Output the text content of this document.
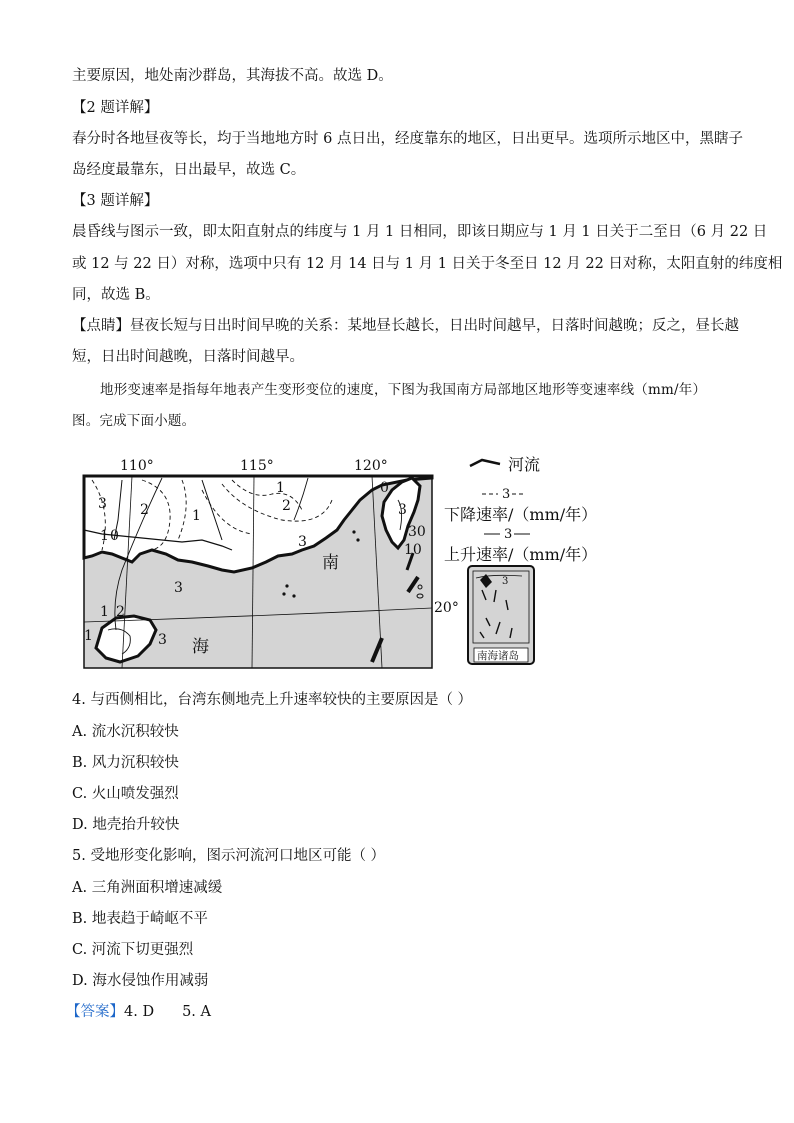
主要原因，地处南沙群岛，其海拔不高。故选 D。
【2 题详解】
春分时各地昼夜等长，均于当地地方时 6 点日出，经度靠东的地区，日出更早。选项所示地区中，黑瞎子
岛经度最靠东，日出最早，故选 C。
【3 题详解】
晨昏线与图示一致，即太阳直射点的纬度与 1 月 1 日相同，即该日期应与 1 月 1 日关于二至日（6 月 22 日
或 12 与 22 日）对称，选项中只有 12 月 14 日与 1 月 1 日关于冬至日 12 月 22 日对称，太阳直射的纬度相
同，故选 B。
【点睛】昼夜长短与日出时间早晚的关系：某地昼长越长，日出时间越早，日落时间越晚；反之，昼长越
短，日出时间越晚，日落时间越早。
地形变速率是指每年地表产生变形变位的速度，下图为我国南方局部地区地形等变速率线（mm/年）
图。完成下面小题。
110°	115°	120°
20°
3
1 0
2	1
1
2
3
3
1 2
1	3
0
3
30
10
南
海
河流
3
下降速率/（mm/年）
3
上升速率/（mm/年）
3
南海诸岛
4. 与西侧相比，台湾东侧地壳上升速率较快的主要原因是（ ）
A. 流水沉积较快
B. 风力沉积较快
C. 火山喷发强烈
D. 地壳抬升较快
5. 受地形变化影响，图示河流河口地区可能（ ）
A. 三角洲面积增速减缓
B. 地表趋于崎岖不平
C. 河流下切更强烈
D. 海水侵蚀作用减弱
【答案】4. D 5. A
